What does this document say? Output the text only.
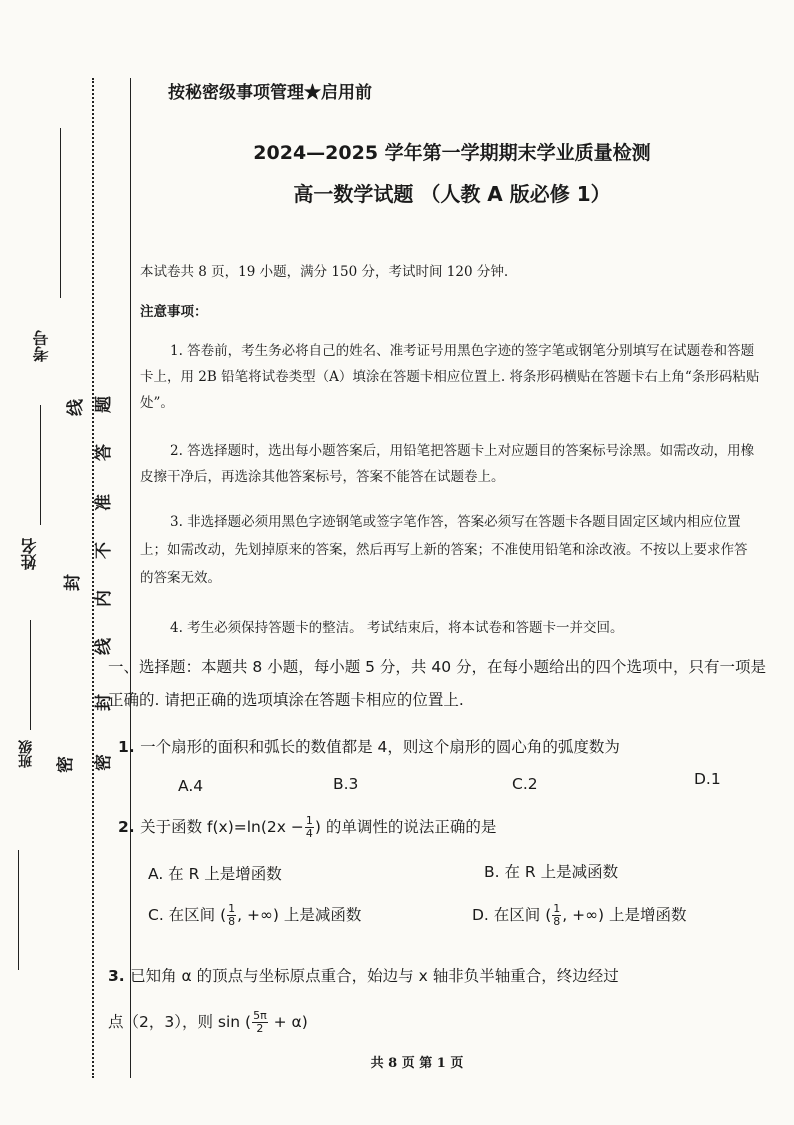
考号
姓名
班级
线
封
密
题
答
准
不
内
线
封
密
按秘密级事项管理★启用前
2024—2025 学年第一学期期末学业质量检测
高一数学试题 （人教 A 版必修 1）
本试卷共 8 页，19 小题，满分 150 分，考试时间 120 分钟.
注意事项：
1. 答卷前，考生务必将自己的姓名、准考证号用黑色字迹的签字笔或钢笔分别填写在试题卷和答题卡上，用 2B 铅笔将试卷类型（A）填涂在答题卡相应位置上. 将条形码横贴在答题卡右上角“条形码粘贴处”。
2. 答选择题时，选出每小题答案后，用铅笔把答题卡上对应题目的答案标号涂黑。如需改动，用橡皮擦干净后，再选涂其他答案标号，答案不能答在试题卷上。
3. 非选择题必须用黑色字迹钢笔或签字笔作答，答案必须写在答题卡各题目固定区域内相应位置上；如需改动，先划掉原来的答案，然后再写上新的答案；不准使用铅笔和涂改液。不按以上要求作答的答案无效。
4. 考生必须保持答题卡的整洁。 考试结束后，将本试卷和答题卡一并交回。
一、选择题：本题共 8 小题，每小题 5 分，共 40 分，在每小题给出的四个选项中，只有一项是正确的. 请把正确的选项填涂在答题卡相应的位置上.
1. 一个扇形的面积和弧长的数值都是 4，则这个扇形的圆心角的弧度数为
A.4	B.3	C.2	D.1
2. 关于函数 $f(x)=\ln(2x - \frac{1}{4}$ ) 的单调性的说法正确的是
A. 在 R 上是增函数	B. 在 R 上是减函数
C. 在区间 ( $\frac{1}{8}$ , +∞) 上是减函数	D. 在区间 ( $\frac{1}{8}$ , +∞) 上是增函数
3. 已知角 α 的顶点与坐标原点重合，始边与 x 轴非负半轴重合，终边经过
点（2，3），则 sin ( $\frac{5\pi}{2} + \alpha$)
共 8 页 第 1 页
